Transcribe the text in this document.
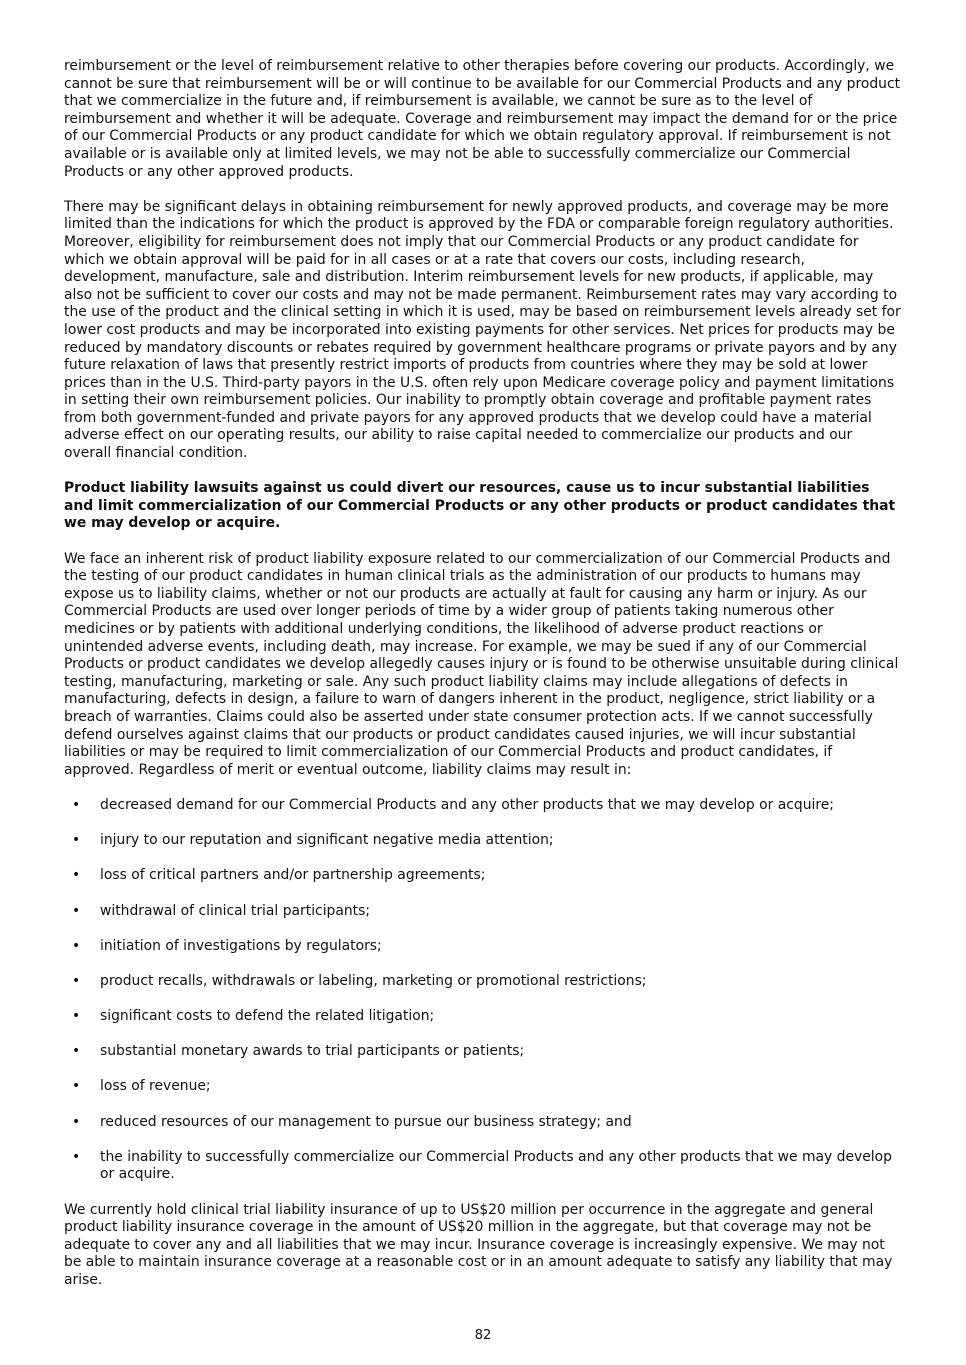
reimbursement or the level of reimbursement relative to other therapies before covering our products. Accordingly, we cannot be sure that reimbursement will be or will continue to be available for our Commercial Products and any product that we commercialize in the future and, if reimbursement is available, we cannot be sure as to the level of reimbursement and whether it will be adequate. Coverage and reimbursement may impact the demand for or the price of our Commercial Products or any product candidate for which we obtain regulatory approval. If reimbursement is not available or is available only at limited levels, we may not be able to successfully commercialize our Commercial Products or any other approved products.

There may be significant delays in obtaining reimbursement for newly approved products, and coverage may be more limited than the indications for which the product is approved by the FDA or comparable foreign regulatory authorities. Moreover, eligibility for reimbursement does not imply that our Commercial Products or any product candidate for which we obtain approval will be paid for in all cases or at a rate that covers our costs, including research, development, manufacture, sale and distribution. Interim reimbursement levels for new products, if applicable, may also not be sufficient to cover our costs and may not be made permanent. Reimbursement rates may vary according to the use of the product and the clinical setting in which it is used, may be based on reimbursement levels already set for lower cost products and may be incorporated into existing payments for other services. Net prices for products may be reduced by mandatory discounts or rebates required by government healthcare programs or private payors and by any future relaxation of laws that presently restrict imports of products from countries where they may be sold at lower prices than in the U.S. Third-party payors in the U.S. often rely upon Medicare coverage policy and payment limitations in setting their own reimbursement policies. Our inability to promptly obtain coverage and profitable payment rates from both government-funded and private payors for any approved products that we develop could have a material adverse effect on our operating results, our ability to raise capital needed to commercialize our products and our overall financial condition.

Product liability lawsuits against us could divert our resources, cause us to incur substantial liabilities and limit commercialization of our Commercial Products or any other products or product candidates that we may develop or acquire.

We face an inherent risk of product liability exposure related to our commercialization of our Commercial Products and the testing of our product candidates in human clinical trials as the administration of our products to humans may expose us to liability claims, whether or not our products are actually at fault for causing any harm or injury. As our Commercial Products are used over longer periods of time by a wider group of patients taking numerous other medicines or by patients with additional underlying conditions, the likelihood of adverse product reactions or unintended adverse events, including death, may increase. For example, we may be sued if any of our Commercial Products or product candidates we develop allegedly causes injury or is found to be otherwise unsuitable during clinical testing, manufacturing, marketing or sale. Any such product liability claims may include allegations of defects in manufacturing, defects in design, a failure to warn of dangers inherent in the product, negligence, strict liability or a breach of warranties. Claims could also be asserted under state consumer protection acts. If we cannot successfully defend ourselves against claims that our products or product candidates caused injuries, we will incur substantial liabilities or may be required to limit commercialization of our Commercial Products and product candidates, if approved. Regardless of merit or eventual outcome, liability claims may result in:

• decreased demand for our Commercial Products and any other products that we may develop or acquire;
• injury to our reputation and significant negative media attention;
• loss of critical partners and/or partnership agreements;
• withdrawal of clinical trial participants;
• initiation of investigations by regulators;
• product recalls, withdrawals or labeling, marketing or promotional restrictions;
• significant costs to defend the related litigation;
• substantial monetary awards to trial participants or patients;
• loss of revenue;
• reduced resources of our management to pursue our business strategy; and
• the inability to successfully commercialize our Commercial Products and any other products that we may develop or acquire.

We currently hold clinical trial liability insurance of up to US$20 million per occurrence in the aggregate and general product liability insurance coverage in the amount of US$20 million in the aggregate, but that coverage may not be adequate to cover any and all liabilities that we may incur. Insurance coverage is increasingly expensive. We may not be able to maintain insurance coverage at a reasonable cost or in an amount adequate to satisfy any liability that may arise.

82
